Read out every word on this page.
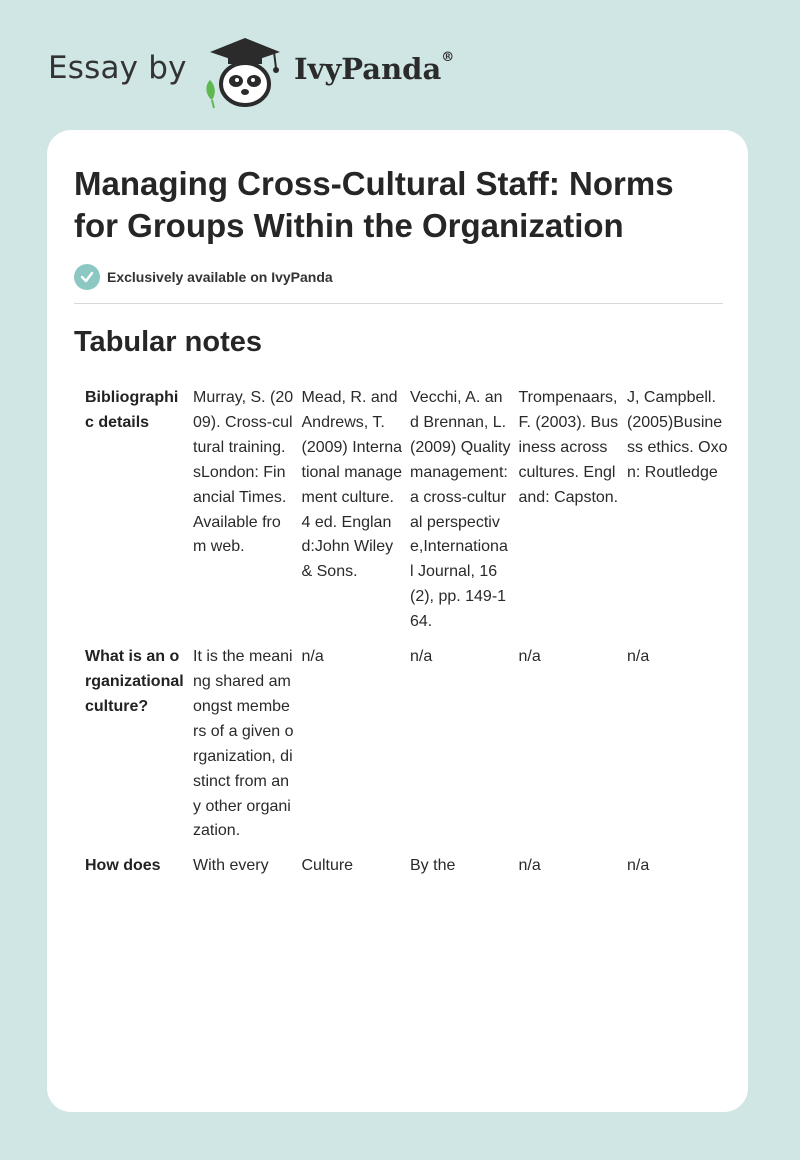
Essay by	IvyPanda®
Managing Cross-Cultural Staff: Norms for Groups Within the Organization
Exclusively available on IvyPanda
Tabular notes
Bibliographic details	Murray, S. (2009). Cross-cultural training. sLondon: Financial Times. Available from web.	Mead, R. and Andrews, T. (2009) International management culture. 4 ed. England:John Wiley & Sons.	Vecchi, A. and Brennan, L. (2009) Quality management: a cross-cultural perspective,International Journal, 16 (2), pp. 149-164.	Trompenaars, F. (2003). Business across cultures. England: Capston.	J, Campbell. (2005)Business ethics. Oxon: Routledge
What is an organizational culture?	It is the meaning shared amongst members of a given organization, distinct from any other organization.	n/a	n/a	n/a	n/a
How does	With every	Culture	By the	n/a	n/a
